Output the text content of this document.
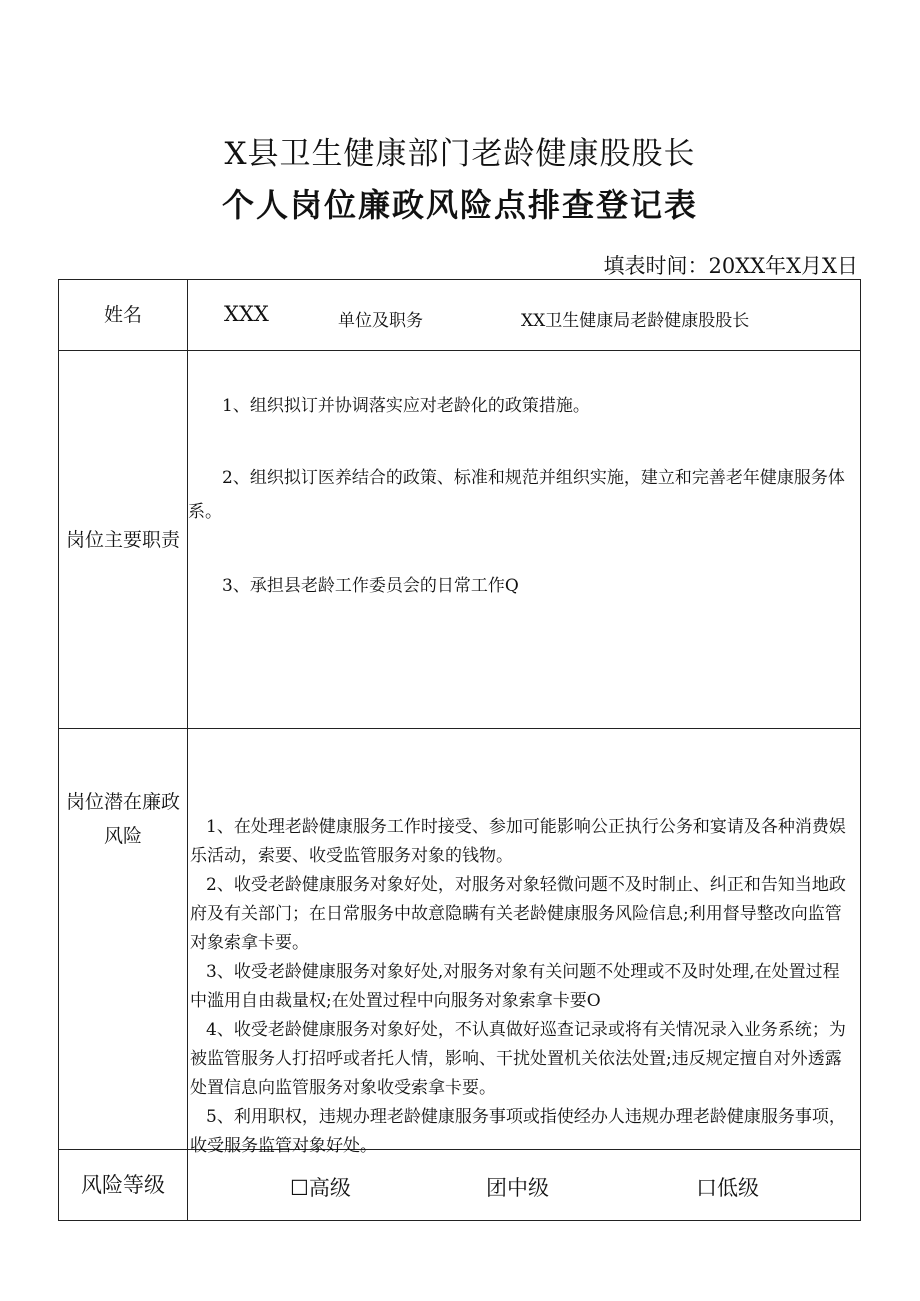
X县卫生健康部门老龄健康股股长
个人岗位廉政风险点排查登记表
填表时间：20XX年X月X日
姓名	XXX 单位及职务 XX卫生健康局老龄健康股股长

岗位主要职责	1、组织拟订并协调落实应对老龄化的政策措施。

2、组织拟订医养结合的政策、标准和规范并组织实施，建立和完善老年健康服务体系。

3、承担县老龄工作委员会的日常工作Q

岗位潜在廉政风险	1、在处理老龄健康服务工作时接受、参加可能影响公正执行公务和宴请及各种消费娱乐活动，索要、收受监管服务对象的钱物。

2、收受老龄健康服务对象好处，对服务对象轻微问题不及时制止、纠正和告知当地政府及有关部门；在日常服务中故意隐瞒有关老龄健康服务风险信息;利用督导整改向监管对象索拿卡要。

3、收受老龄健康服务对象好处,对服务对象有关问题不处理或不及时处理,在处置过程中滥用自由裁量权;在处置过程中向服务对象索拿卡要O

4、收受老龄健康服务对象好处，不认真做好巡查记录或将有关情况录入业务系统；为被监管服务人打招呼或者托人情，影响、干扰处置机关依法处置;违反规定擅自对外透露处置信息向监管服务对象收受索拿卡要。

5、利用职权，违规办理老龄健康服务事项或指使经办人违规办理老龄健康服务事项，收受服务监管对象好处。

风险等级	☐高级 团中级 口低级
